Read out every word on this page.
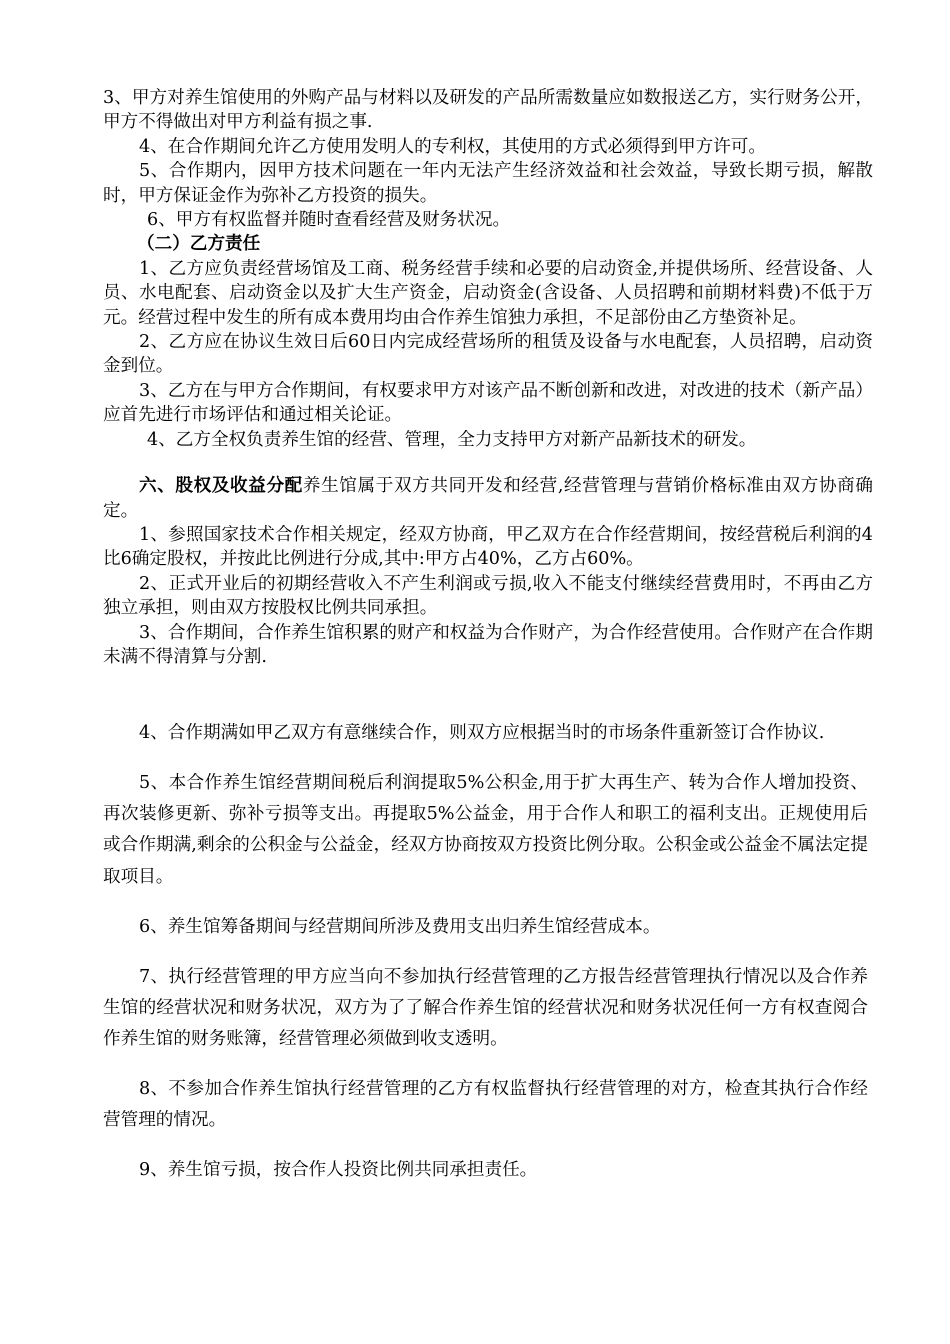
3、甲方对养生馆使用的外购产品与材料以及研发的产品所需数量应如数报送乙方，实行财务公开，甲方不得做出对甲方利益有损之事.

4、在合作期间允许乙方使用发明人的专利权，其使用的方式必须得到甲方许可。

5、合作期内，因甲方技术问题在一年内无法产生经济效益和社会效益，导致长期亏损，解散时，甲方保证金作为弥补乙方投资的损失。

6、甲方有权监督并随时查看经营及财务状况。

（二）乙方责任

1、乙方应负责经营场馆及工商、税务经营手续和必要的启动资金,并提供场所、经营设备、人员、水电配套、启动资金以及扩大生产资金，启动资金(含设备、人员招聘和前期材料费)不低于万元。经营过程中发生的所有成本费用均由合作养生馆独力承担，不足部份由乙方垫资补足。

2、乙方应在协议生效日后60日内完成经营场所的租赁及设备与水电配套，人员招聘，启动资金到位。

3、乙方在与甲方合作期间，有权要求甲方对该产品不断创新和改进，对改进的技术（新产品）应首先进行市场评估和通过相关论证。

4、乙方全权负责养生馆的经营、管理，全力支持甲方对新产品新技术的研发。

六、股权及收益分配养生馆属于双方共同开发和经营,经营管理与营销价格标准由双方协商确定。

1、参照国家技术合作相关规定，经双方协商，甲乙双方在合作经营期间，按经营税后利润的4比6确定股权，并按此比例进行分成,其中:甲方占40%，乙方占60%。

2、正式开业后的初期经营收入不产生利润或亏损,收入不能支付继续经营费用时，不再由乙方独立承担，则由双方按股权比例共同承担。

3、合作期间，合作养生馆积累的财产和权益为合作财产，为合作经营使用。合作财产在合作期未满不得清算与分割.

4、合作期满如甲乙双方有意继续合作，则双方应根据当时的市场条件重新签订合作协议.

5、本合作养生馆经营期间税后利润提取5%公积金,用于扩大再生产、转为合作人增加投资、再次装修更新、弥补亏损等支出。再提取5%公益金，用于合作人和职工的福利支出。正规使用后或合作期满,剩余的公积金与公益金，经双方协商按双方投资比例分取。公积金或公益金不属法定提取项目。

6、养生馆筹备期间与经营期间所涉及费用支出归养生馆经营成本。

7、执行经营管理的甲方应当向不参加执行经营管理的乙方报告经营管理执行情况以及合作养生馆的经营状况和财务状况，双方为了了解合作养生馆的经营状况和财务状况任何一方有权查阅合作养生馆的财务账簿，经营管理必须做到收支透明。

8、不参加合作养生馆执行经营管理的乙方有权监督执行经营管理的对方，检查其执行合作经营管理的情况。

9、养生馆亏损，按合作人投资比例共同承担责任。
